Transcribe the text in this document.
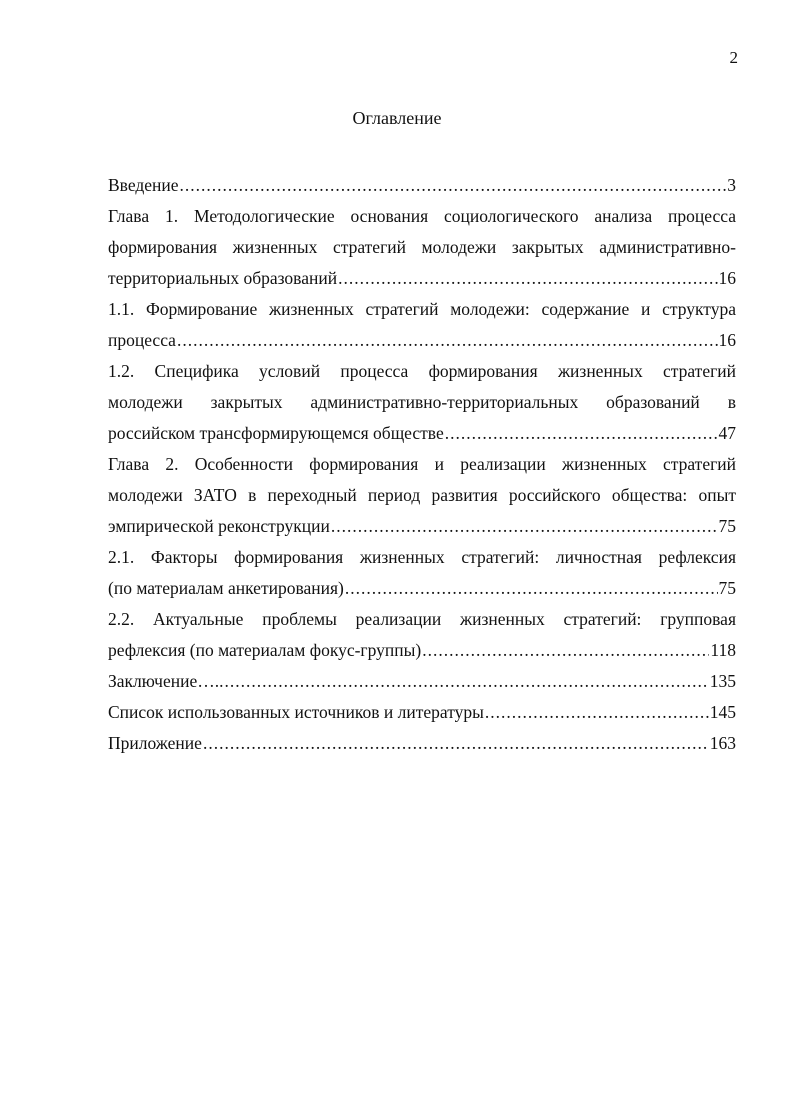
2
Оглавление
Введение .....	3
Глава 1. Методологические основания социологического анализа процесса
формирования жизненных стратегий молодежи закрытых административно-
территориальных образований .....	16
1.1. Формирование жизненных стратегий молодежи: содержание и структура
процесса .....	16
1.2. Специфика условий процесса формирования жизненных стратегий
молодежи закрытых административно-территориальных образований в
российском трансформирующемся обществе .....	47
Глава 2. Особенности формирования и реализации жизненных стратегий
молодежи ЗАТО в переходный период развития российского общества: опыт
эмпирической реконструкции .....	75
2.1. Факторы формирования жизненных стратегий: личностная рефлексия
(по материалам анкетирования) .....	75
2.2. Актуальные проблемы реализации жизненных стратегий: групповая
рефлексия (по материалам фокус-группы) .....	118
Заключение….. .....	135
Список использованных источников и литературы .....	145
Приложение .....	163
